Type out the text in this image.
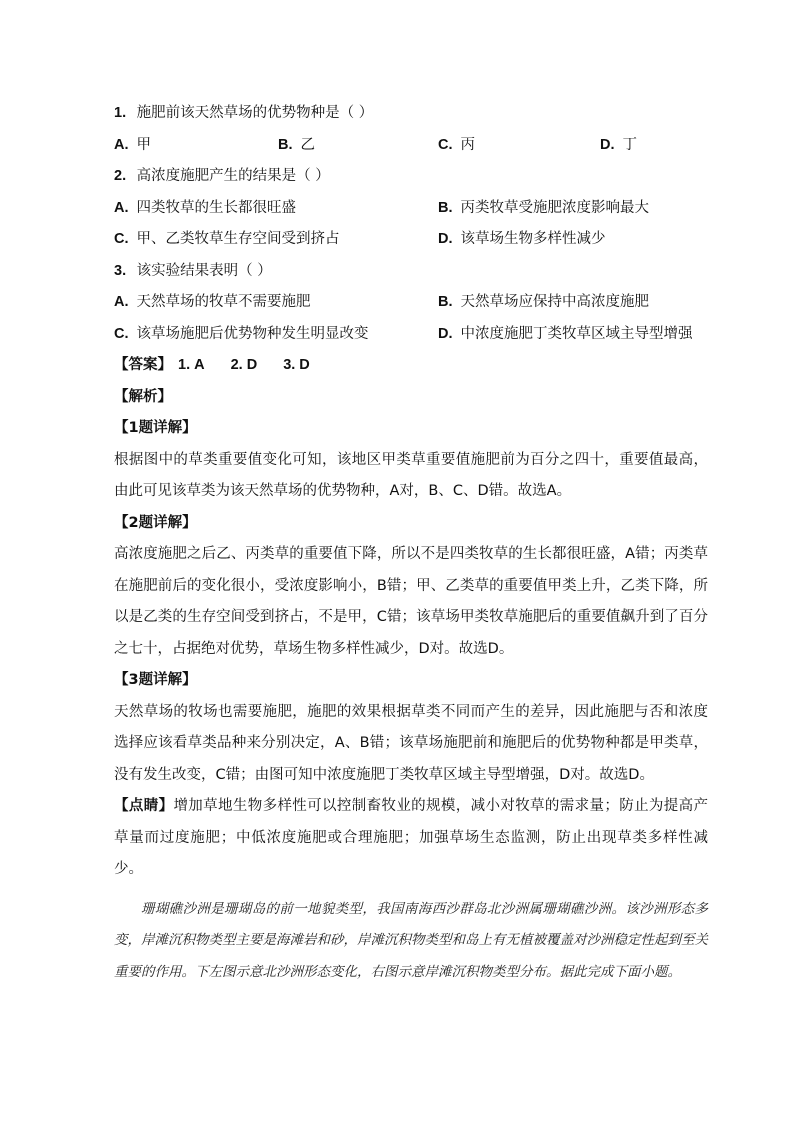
1. 施肥前该天然草场的优势物种是（ ）
A. 甲	B. 乙	C. 丙	D. 丁
2. 高浓度施肥产生的结果是（ ）
A. 四类牧草的生长都很旺盛	B. 丙类牧草受施肥浓度影响最大
C. 甲、乙类牧草生存空间受到挤占	D. 该草场生物多样性减少
3. 该实验结果表明（ ）
A. 天然草场的牧草不需要施肥	B. 天然草场应保持中高浓度施肥
C. 该草场施肥后优势物种发生明显改变	D. 中浓度施肥丁类牧草区域主导型增强
【答案】 1. A 2. D 3. D
【解析】
【1题详解】
根据图中的草类重要值变化可知，该地区甲类草重要值施肥前为百分之四十，重要值最高，由此可见该草类为该天然草场的优势物种，A对，B、C、D错。故选A。
【2题详解】
高浓度施肥之后乙、丙类草的重要值下降，所以不是四类牧草的生长都很旺盛，A错；丙类草在施肥前后的变化很小，受浓度影响小，B错；甲、乙类草的重要值甲类上升，乙类下降，所以是乙类的生存空间受到挤占，不是甲，C错；该草场甲类牧草施肥后的重要值飙升到了百分之七十，占据绝对优势，草场生物多样性减少，D对。故选D。
【3题详解】
天然草场的牧场也需要施肥，施肥的效果根据草类不同而产生的差异，因此施肥与否和浓度选择应该看草类品种来分别决定，A、B错；该草场施肥前和施肥后的优势物种都是甲类草，没有发生改变，C错；由图可知中浓度施肥丁类牧草区域主导型增强，D对。故选D。
【点睛】增加草地生物多样性可以控制畜牧业的规模，减小对牧草的需求量；防止为提高产草量而过度施肥；中低浓度施肥或合理施肥；加强草场生态监测，防止出现草类多样性减少。
珊瑚礁沙洲是珊瑚岛的前一地貌类型，我国南海西沙群岛北沙洲属珊瑚礁沙洲。该沙洲形态多变，岸滩沉积物类型主要是海滩岩和砂，岸滩沉积物类型和岛上有无植被覆盖对沙洲稳定性起到至关重要的作用。下左图示意北沙洲形态变化，右图示意岸滩沉积物类型分布。据此完成下面小题。
